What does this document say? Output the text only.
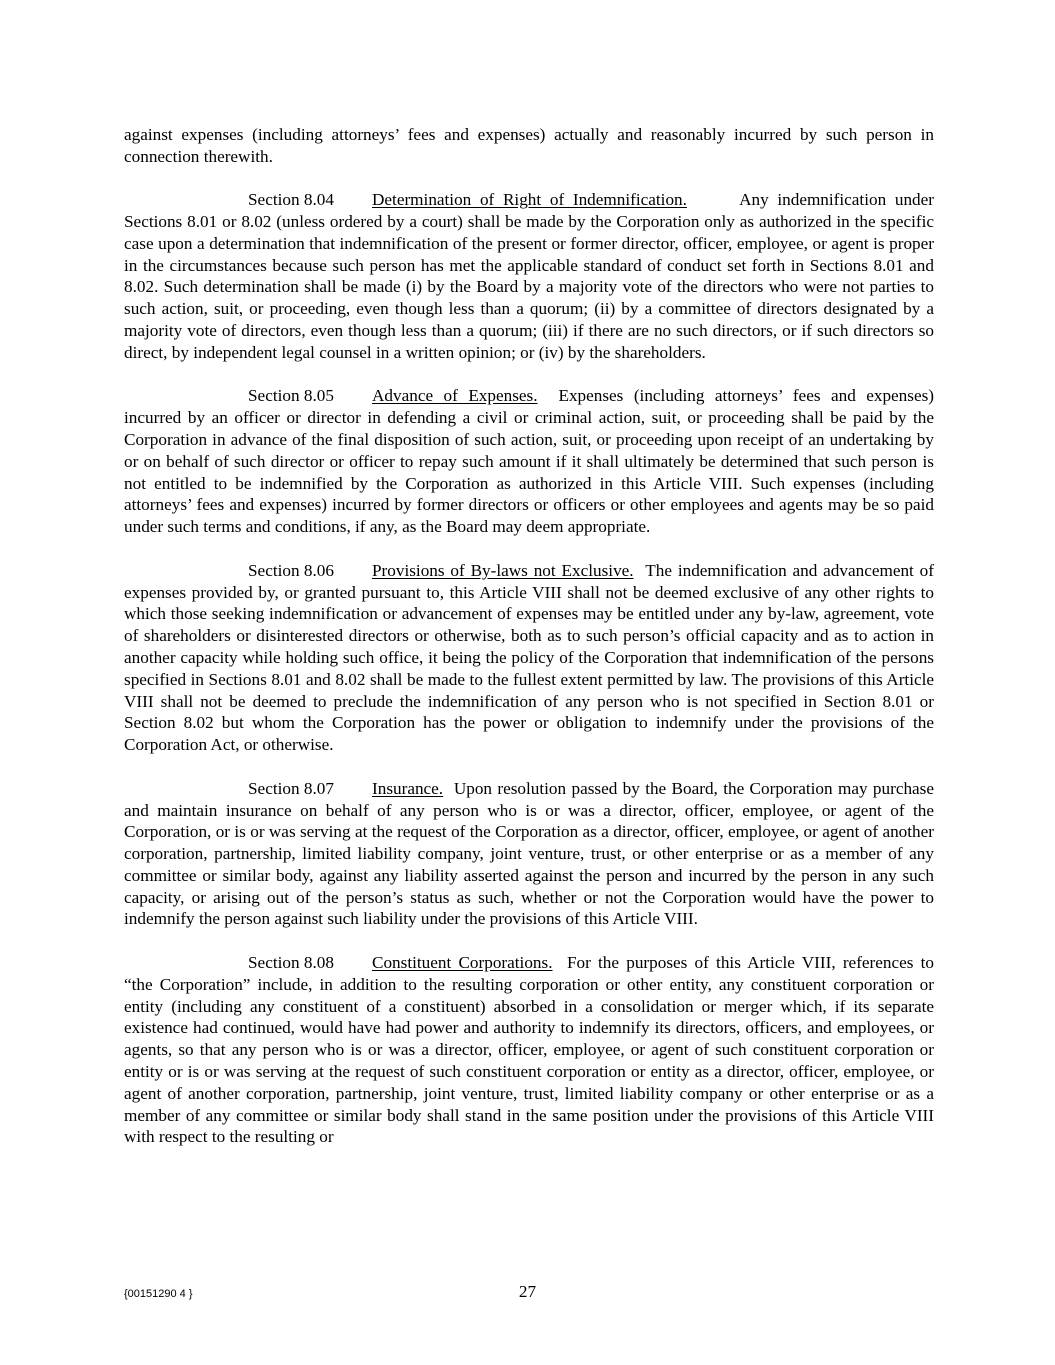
against expenses (including attorneys’ fees and expenses) actually and reasonably incurred by such person in connection therewith.

Section 8.04 Determination of Right of Indemnification.	Any indemnification under Sections 8.01 or 8.02 (unless ordered by a court) shall be made by the Corporation only as authorized in the specific case upon a determination that indemnification of the present or former director, officer, employee, or agent is proper in the circumstances because such person has met the applicable standard of conduct set forth in Sections 8.01 and 8.02. Such determination shall be made (i) by the Board by a majority vote of the directors who were not parties to such action, suit, or proceeding, even though less than a quorum; (ii) by a committee of directors designated by a majority vote of directors, even though less than a quorum; (iii) if there are no such directors, or if such directors so direct, by independent legal counsel in a written opinion; or (iv) by the shareholders.

Section 8.05 Advance of Expenses. Expenses (including attorneys’ fees and expenses) incurred by an officer or director in defending a civil or criminal action, suit, or proceeding shall be paid by the Corporation in advance of the final disposition of such action, suit, or proceeding upon receipt of an undertaking by or on behalf of such director or officer to repay such amount if it shall ultimately be determined that such person is not entitled to be indemnified by the Corporation as authorized in this Article VIII. Such expenses (including attorneys’ fees and expenses) incurred by former directors or officers or other employees and agents may be so paid under such terms and conditions, if any, as the Board may deem appropriate.

Section 8.06 Provisions of By-laws not Exclusive. The indemnification and advancement of expenses provided by, or granted pursuant to, this Article VIII shall not be deemed exclusive of any other rights to which those seeking indemnification or advancement of expenses may be entitled under any by-law, agreement, vote of shareholders or disinterested directors or otherwise, both as to such person’s official capacity and as to action in another capacity while holding such office, it being the policy of the Corporation that indemnification of the persons specified in Sections 8.01 and 8.02 shall be made to the fullest extent permitted by law. The provisions of this Article VIII shall not be deemed to preclude the indemnification of any person who is not specified in Section 8.01 or Section 8.02 but whom the Corporation has the power or obligation to indemnify under the provisions of the Corporation Act, or otherwise.

Section 8.07 Insurance. Upon resolution passed by the Board, the Corporation may purchase and maintain insurance on behalf of any person who is or was a director, officer, employee, or agent of the Corporation, or is or was serving at the request of the Corporation as a director, officer, employee, or agent of another corporation, partnership, limited liability company, joint venture, trust, or other enterprise or as a member of any committee or similar body, against any liability asserted against the person and incurred by the person in any such capacity, or arising out of the person’s status as such, whether or not the Corporation would have the power to indemnify the person against such liability under the provisions of this Article VIII.

Section 8.08 Constituent Corporations. For the purposes of this Article VIII, references to “the Corporation” include, in addition to the resulting corporation or other entity, any constituent corporation or entity (including any constituent of a constituent) absorbed in a consolidation or merger which, if its separate existence had continued, would have had power and authority to indemnify its directors, officers, and employees, or agents, so that any person who is or was a director, officer, employee, or agent of such constituent corporation or entity or is or was serving at the request of such constituent corporation or entity as a director, officer, employee, or agent of another corporation, partnership, joint venture, trust, limited liability company or other enterprise or as a member of any committee or similar body shall stand in the same position under the provisions of this Article VIII with respect to the resulting or

{00151290 4 }	27
